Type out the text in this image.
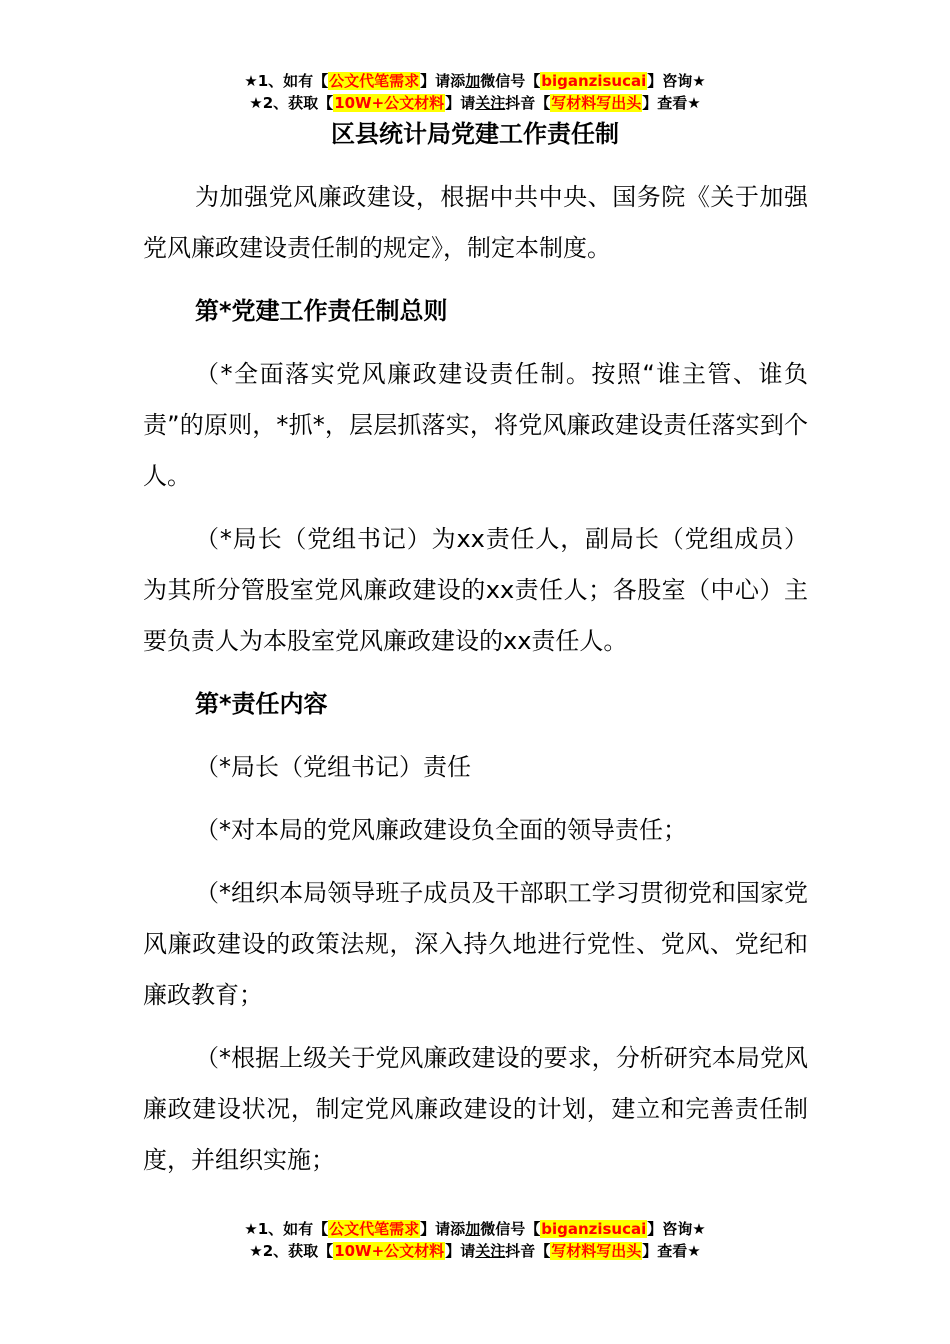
★1、如有【公文代笔需求】请添加微信号【biganzisucai】咨询★
★2、获取【10W+公文材料】请关注抖音【写材料写出头】查看★
区县统计局党建工作责任制

为加强党风廉政建设，根据中共中央、国务院《关于加强党风廉政建设责任制的规定》，制定本制度。

第*党建工作责任制总则

（*全面落实党风廉政建设责任制。按照“谁主管、谁负责”的原则，*抓*，层层抓落实，将党风廉政建设责任落实到个人。

（*局长（党组书记）为xx责任人，副局长（党组成员）为其所分管股室党风廉政建设的xx责任人；各股室（中心）主要负责人为本股室党风廉政建设的xx责任人。

第*责任内容

（*局长（党组书记）责任

（*对本局的党风廉政建设负全面的领导责任；

（*组织本局领导班子成员及干部职工学习贯彻党和国家党风廉政建设的政策法规，深入持久地进行党性、党风、党纪和廉政教育；

（*根据上级关于党风廉政建设的要求，分析研究本局党风廉政建设状况，制定党风廉政建设的计划，建立和完善责任制度，并组织实施；

★1、如有【公文代笔需求】请添加微信号【biganzisucai】咨询★
★2、获取【10W+公文材料】请关注抖音【写材料写出头】查看★
